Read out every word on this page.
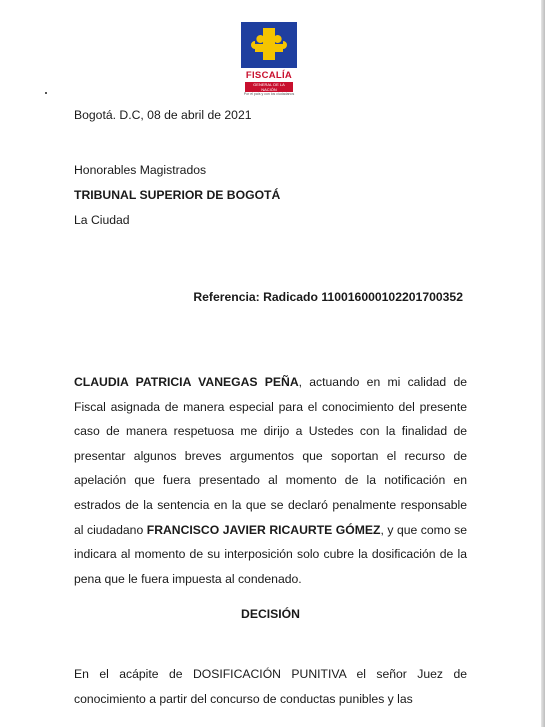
FISCALÍA
GENERAL DE LA NACIÓN
Por el país y con los ciudadanos
Bogotá. D.C, 08 de abril de 2021
Honorables Magistrados
TRIBUNAL SUPERIOR DE BOGOTÁ
La Ciudad
Referencia: Radicado 11001600010220170035​2

CLAUDIA PATRICIA VANEGAS PEÑA, actuando en mi calidad de Fiscal asignada de manera especial para el conocimiento del presente caso de manera respetuosa me dirijo a Ustedes con la finalidad de presentar algunos breves argumentos que soportan el recurso de apelación que fuera presentado al momento de la notificación en estrados de la sentencia en la que se declaró penalmente responsable al ciudadano FRANCISCO JAVIER RICAURTE GÓMEZ, y que como se indicara al momento de su interposición solo cubre la dosificación de la pena que le fuera impuesta al condenado.

DECISIÓN

En el acápite de DOSIFICACIÓN PUNITIVA el señor Juez de conocimiento a partir del concurso de conductas punibles y las
